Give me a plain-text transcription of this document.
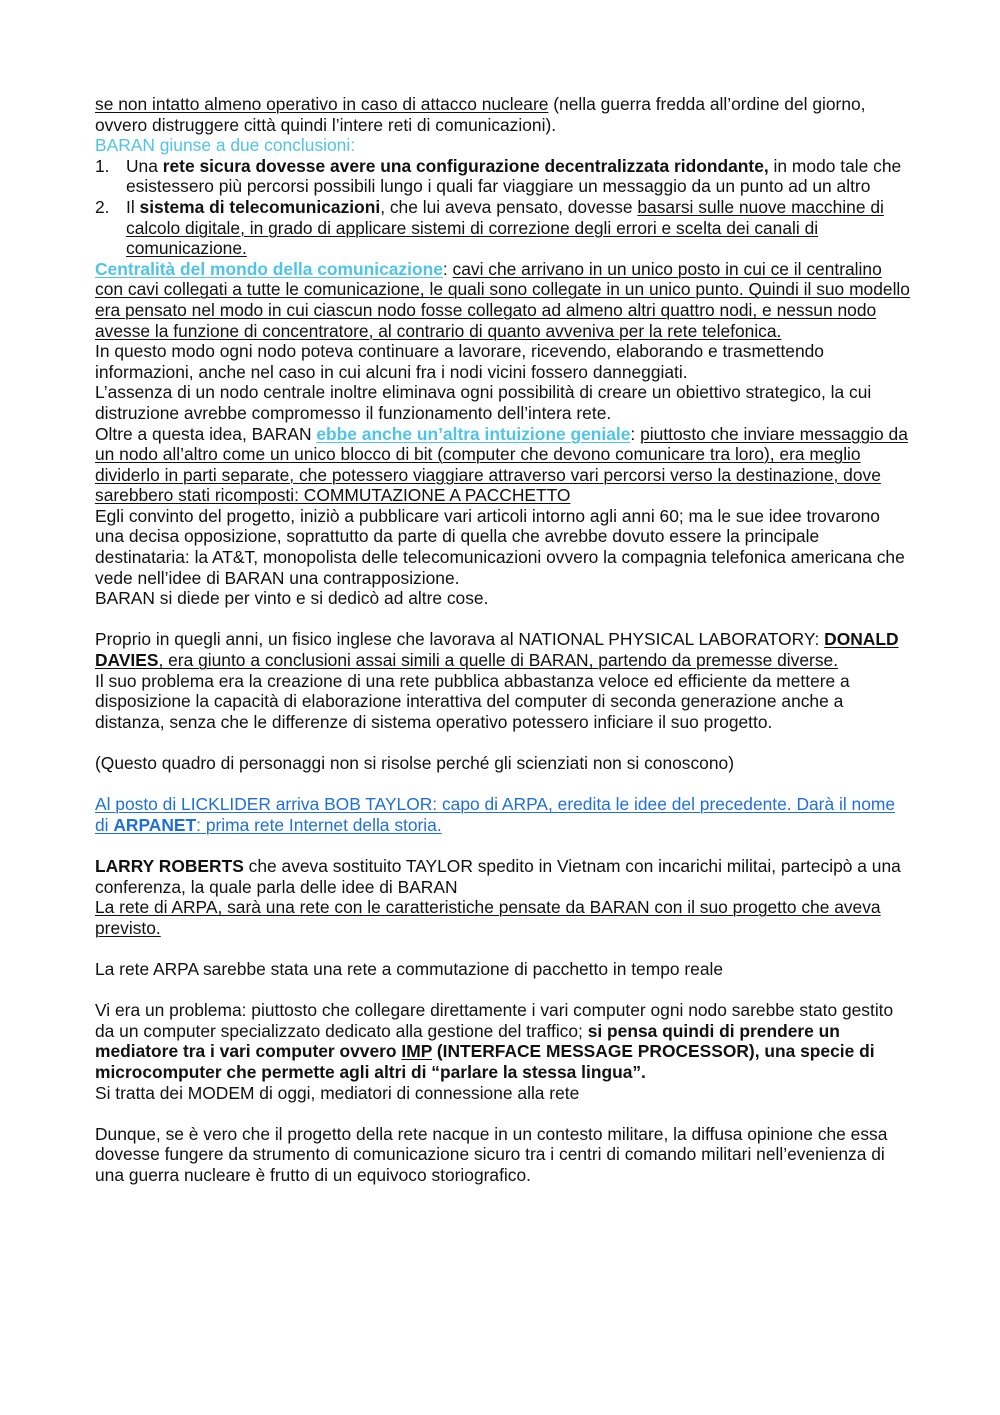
se non intatto almeno operativo in caso di attacco nucleare (nella guerra fredda all’ordine del giorno, ovvero distruggere città quindi l’intere reti di comunicazioni).

BARAN giunse a due conclusioni:

1. Una rete sicura dovesse avere una configurazione decentralizzata ridondante, in modo tale che esistessero più percorsi possibili lungo i quali far viaggiare un messaggio da un punto ad un altro
2. Il sistema di telecomunicazioni, che lui aveva pensato, dovesse basarsi sulle nuove macchine di calcolo digitale, in grado di applicare sistemi di correzione degli errori e scelta dei canali di comunicazione.

Centralità del mondo della comunicazione: cavi che arrivano in un unico posto in cui ce il centralino con cavi collegati a tutte le comunicazione, le quali sono collegate in un unico punto. Quindi il suo modello era pensato nel modo in cui ciascun nodo fosse collegato ad almeno altri quattro nodi, e nessun nodo avesse la funzione di concentratore, al contrario di quanto avveniva per la rete telefonica.

In questo modo ogni nodo poteva continuare a lavorare, ricevendo, elaborando e trasmettendo informazioni, anche nel caso in cui alcuni fra i nodi vicini fossero danneggiati.

L’assenza di un nodo centrale inoltre eliminava ogni possibilità di creare un obiettivo strategico, la cui distruzione avrebbe compromesso il funzionamento dell’intera rete.

Oltre a questa idea, BARAN ebbe anche un’altra intuizione geniale: piuttosto che inviare messaggio da un nodo all’altro come un unico blocco di bit (computer che devono comunicare tra loro), era meglio dividerlo in parti separate, che potessero viaggiare attraverso vari percorsi verso la destinazione, dove sarebbero stati ricomposti: COMMUTAZIONE A PACCHETTO

Egli convinto del progetto, iniziò a pubblicare vari articoli intorno agli anni 60; ma le sue idee trovarono una decisa opposizione, soprattutto da parte di quella che avrebbe dovuto essere la principale destinataria: la AT&T, monopolista delle telecomunicazioni ovvero la compagnia telefonica americana che vede nell’idee di BARAN una contrapposizione.

BARAN si diede per vinto e si dedicò ad altre cose.

Proprio in quegli anni, un fisico inglese che lavorava al NATIONAL PHYSICAL LABORATORY: DONALD DAVIES, era giunto a conclusioni assai simili a quelle di BARAN, partendo da premesse diverse.

Il suo problema era la creazione di una rete pubblica abbastanza veloce ed efficiente da mettere a disposizione la capacità di elaborazione interattiva del computer di seconda generazione anche a distanza, senza che le differenze di sistema operativo potessero inficiare il suo progetto.

(Questo quadro di personaggi non si risolse perché gli scienziati non si conoscono)

Al posto di LICKLIDER arriva BOB TAYLOR: capo di ARPA, eredita le idee del precedente. Darà il nome di ARPANET: prima rete Internet della storia.

LARRY ROBERTS che aveva sostituito TAYLOR spedito in Vietnam con incarichi militai, partecipò a una conferenza, la quale parla delle idee di BARAN

La rete di ARPA, sarà una rete con le caratteristiche pensate da BARAN con il suo progetto che aveva previsto.

La rete ARPA sarebbe stata una rete a commutazione di pacchetto in tempo reale

Vi era un problema: piuttosto che collegare direttamente i vari computer ogni nodo sarebbe stato gestito da un computer specializzato dedicato alla gestione del traffico; si pensa quindi di prendere un mediatore tra i vari computer ovvero IMP (INTERFACE MESSAGE PROCESSOR), una specie di microcomputer che permette agli altri di “parlare la stessa lingua”.

Si tratta dei MODEM di oggi, mediatori di connessione alla rete

Dunque, se è vero che il progetto della rete nacque in un contesto militare, la diffusa opinione che essa dovesse fungere da strumento di comunicazione sicuro tra i centri di comando militari nell’evenienza di una guerra nucleare è frutto di un equivoco storiografico.
